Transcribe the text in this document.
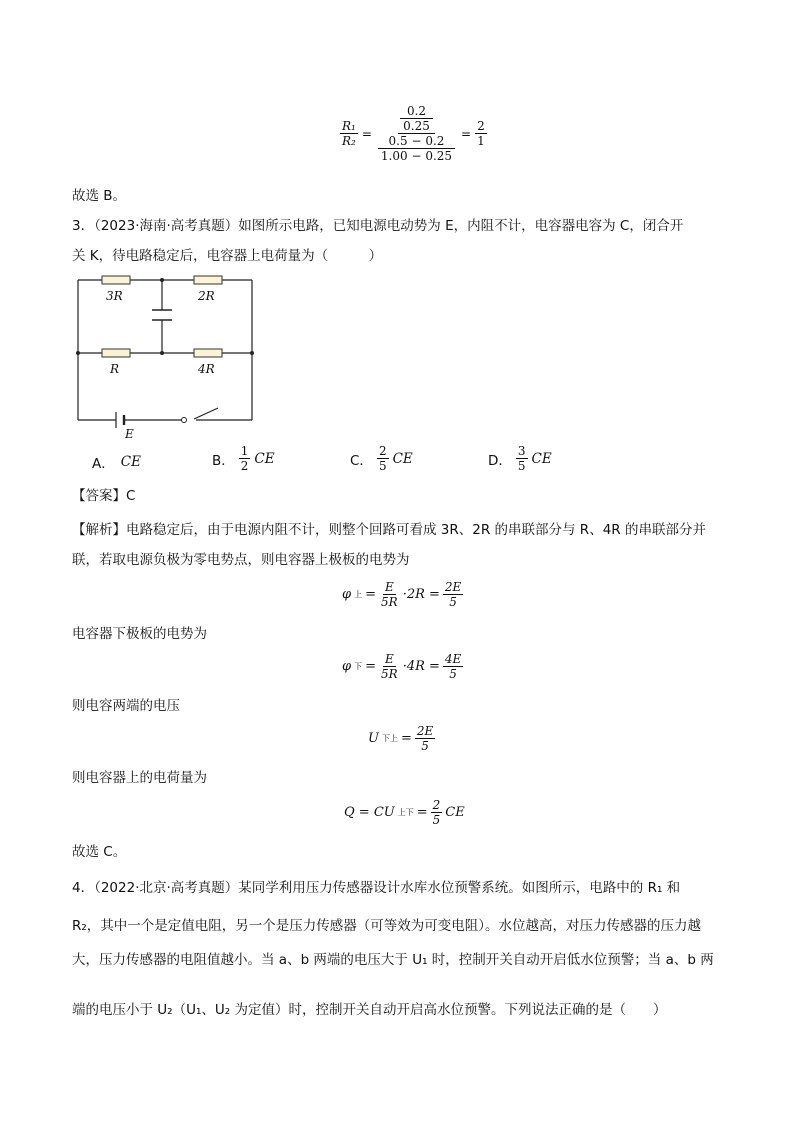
$\frac{\text{R₁}}{\text{R₂}} = 0.2$
0.25
0.5 − 0.2
$1.00 - 0.25 = \frac{2}{1}$
故选 B。
3．（2023·海南·高考真题）如图所示电路，已知电源电动势为 E，内阻不计，电容器电容为 C，闭合开
关 K，待电路稳定后，电容器上电荷量为（　　　）
3R	2R
R	4R
E
A． CE	B． $\frac{1}{2}$ CE	C． $\frac{2}{5}$ CE	D． $\frac{3}{5}$ CE
【答案】C
【解析】电路稳定后，由于电源内阻不计，则整个回路可看成 3R、2R 的串联部分与 R、4R 的串联部分并
联，若取电源负极为零电势点，则电容器上极板的电势为
φ 上 = $\frac{E}{5R} \cdot 2R = \frac{2E}{5}$
电容器下极板的电势为
φ 下 = $\frac{E}{5R} \cdot 4R = \frac{4E}{5}$
则电容两端的电压
U 下上 = $\frac{2E}{5}$
则电容器上的电荷量为
Q = CU 上下 = $\frac{2}{5}$ CE
故选 C。
4．（2022·北京·高考真题）某同学利用压力传感器设计水库水位预警系统。如图所示，电路中的 R₁ 和
R₂，其中一个是定值电阻，另一个是压力传感器（可等效为可变电阻）。水位越高，对压力传感器的压力越
大，压力传感器的电阻值越小。当 a、b 两端的电压大于 U₁ 时，控制开关自动开启低水位预警；当 a、b 两
端的电压小于 U₂（U₁、U₂ 为定值）时，控制开关自动开启高水位预警。下列说法正确的是（　　）
